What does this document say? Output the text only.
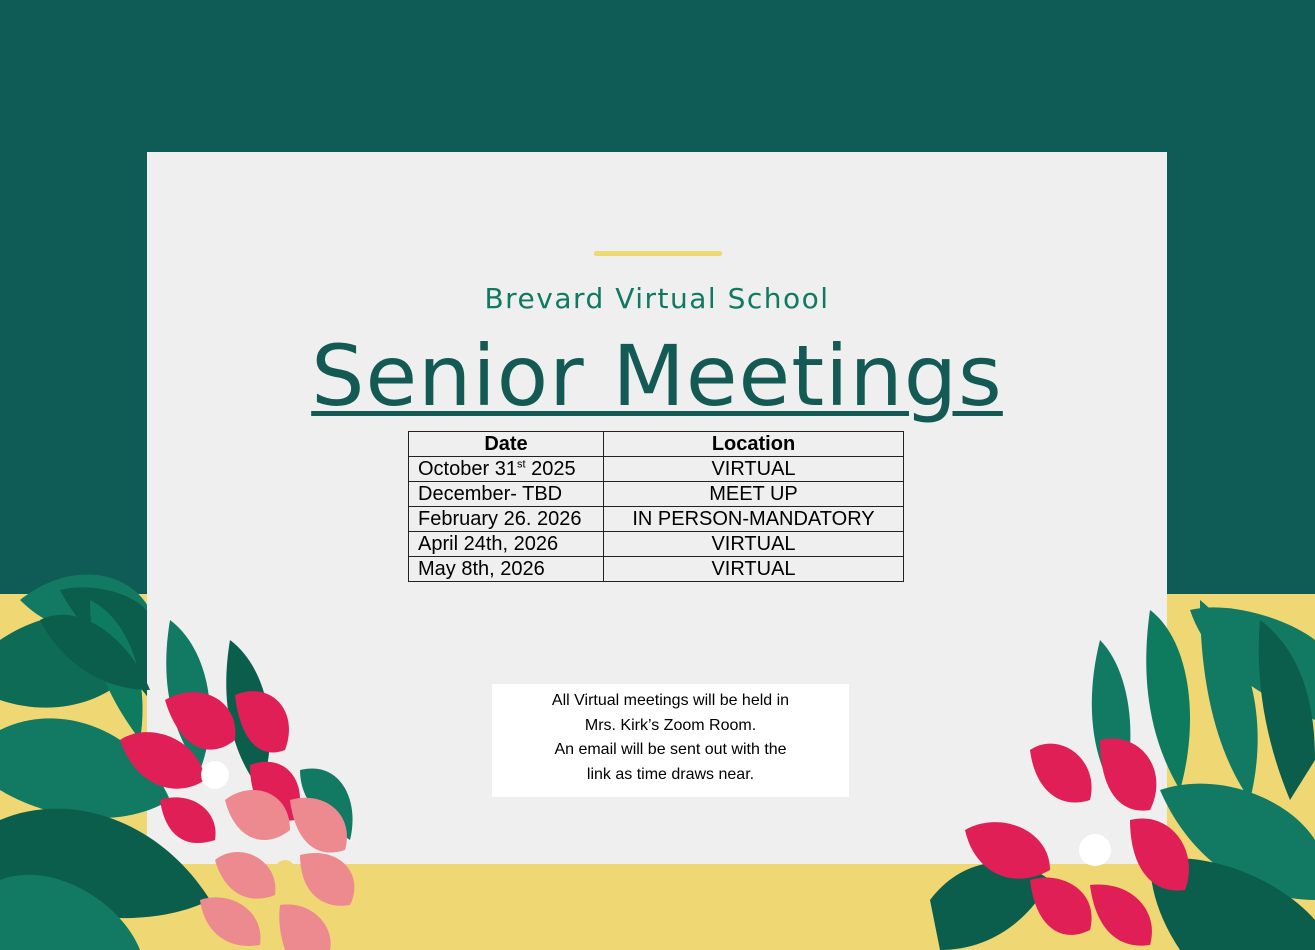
Brevard Virtual School
Senior Meetings
Date	Location
October 31st 2025	VIRTUAL
December- TBD	MEET UP
February 26. 2026	IN PERSON-MANDATORY
April 24th, 2026	VIRTUAL
May 8th, 2026	VIRTUAL
All Virtual meetings will be held in
Mrs. Kirk’s Zoom Room.
An email will be sent out with the
link as time draws near.
